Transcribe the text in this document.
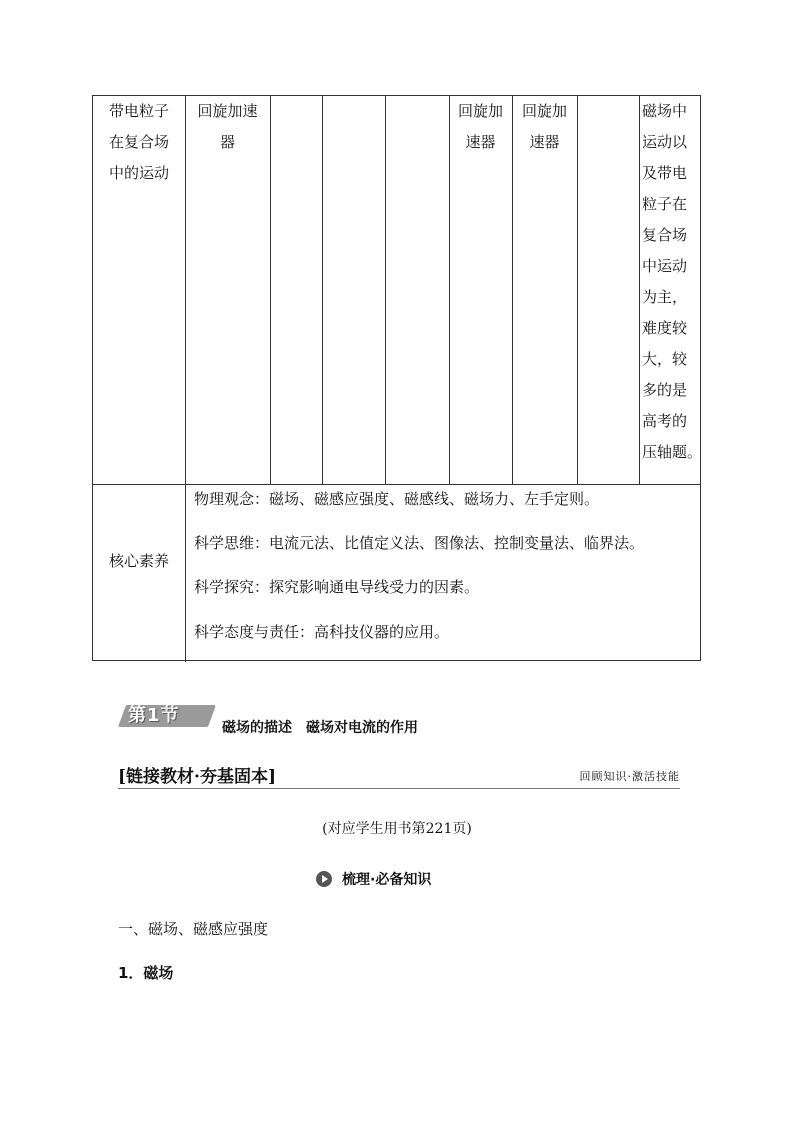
带电粒子
在复合场
中的运动
回旋加速
器
回旋加
速器
回旋加
速器
磁场中
运动以
及带电
粒子在
复合场
中运动
为主，
难度较
大，较
多的是
高考的
压轴题。
核心素养
物理观念：磁场、磁感应强度、磁感线、磁场力、左手定则。
科学思维：电流元法、比值定义法、图像法、控制变量法、临界法。
科学探究：探究影响通电导线受力的因素。
科学态度与责任：高科技仪器的应用。
第1节
磁场的描述　磁场对电流的作用
[链接教材·夯基固本]	回顾知识·激活技能
(对应学生用书第221页)
梳理·必备知识
一、磁场、磁感应强度
1．磁场
